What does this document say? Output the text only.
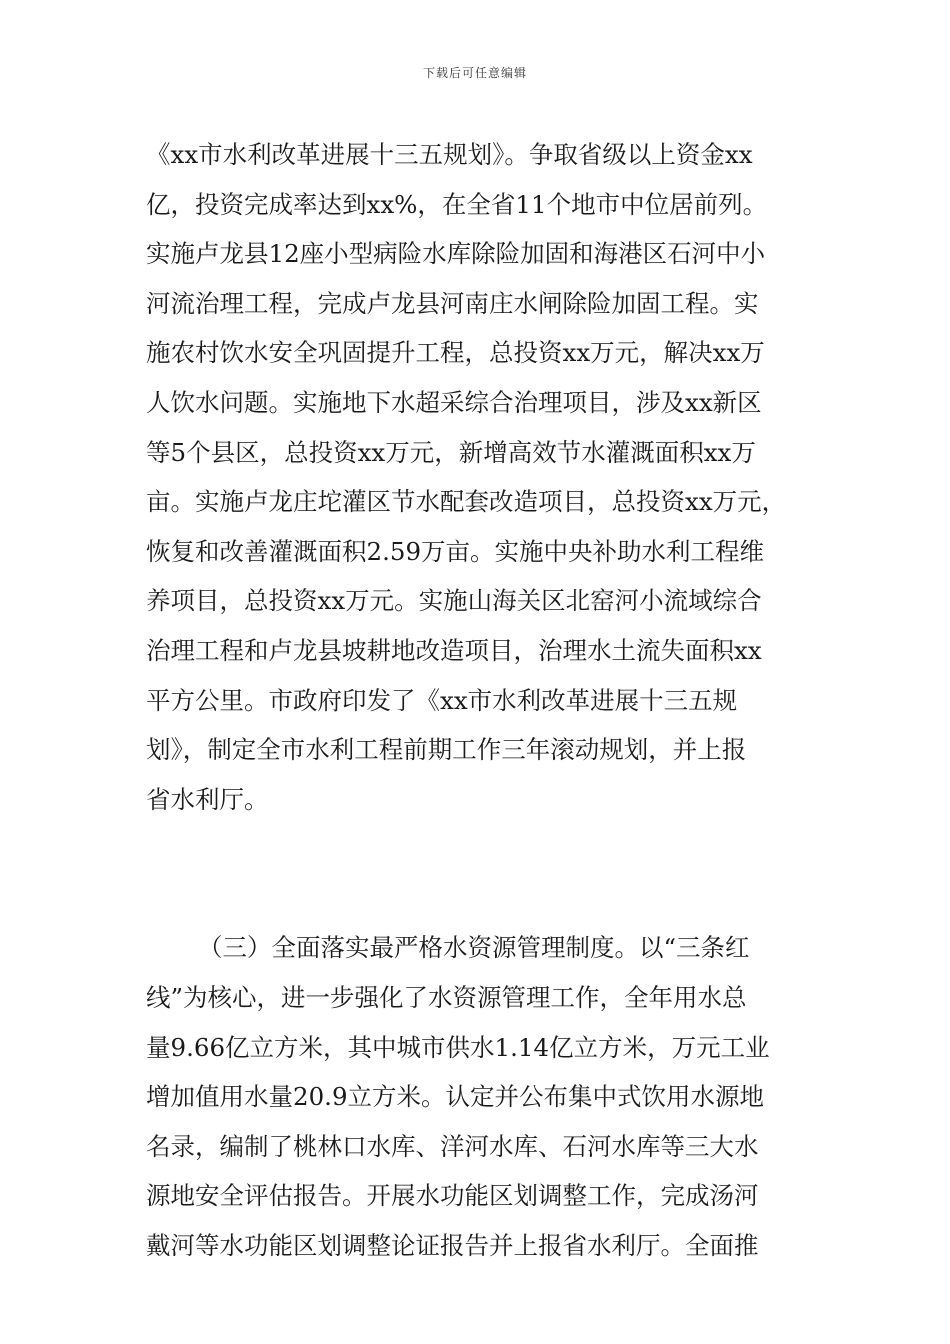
下载后可任意编辑
《xx市水利改革进展十三五规划》。争取省级以上资金xx
亿，投资完成率达到xx%，在全省11个地市中位居前列。
实施卢龙县12座小型病险水库除险加固和海港区石河中小
河流治理工程，完成卢龙县河南庄水闸除险加固工程。实
施农村饮水安全巩固提升工程，总投资xx万元，解决xx万
人饮水问题。实施地下水超采综合治理项目，涉及xx新区
等5个县区，总投资xx万元，新增高效节水灌溉面积xx万
亩。实施卢龙庄坨灌区节水配套改造项目，总投资xx万元，
恢复和改善灌溉面积2.59万亩。实施中央补助水利工程维
养项目，总投资xx万元。实施山海关区北窑河小流域综合
治理工程和卢龙县坡耕地改造项目，治理水土流失面积xx
平方公里。市政府印发了《xx市水利改革进展十三五规
划》，制定全市水利工程前期工作三年滚动规划，并上报
省水利厅。
（三）全面落实最严格水资源管理制度。以“三条红
线”为核心，进一步强化了水资源管理工作，全年用水总
量9.66亿立方米，其中城市供水1.14亿立方米，万元工业
增加值用水量20.9立方米。认定并公布集中式饮用水源地
名录，编制了桃林口水库、洋河水库、石河水库等三大水
源地安全评估报告。开展水功能区划调整工作，完成汤河
戴河等水功能区划调整论证报告并上报省水利厅。全面推
